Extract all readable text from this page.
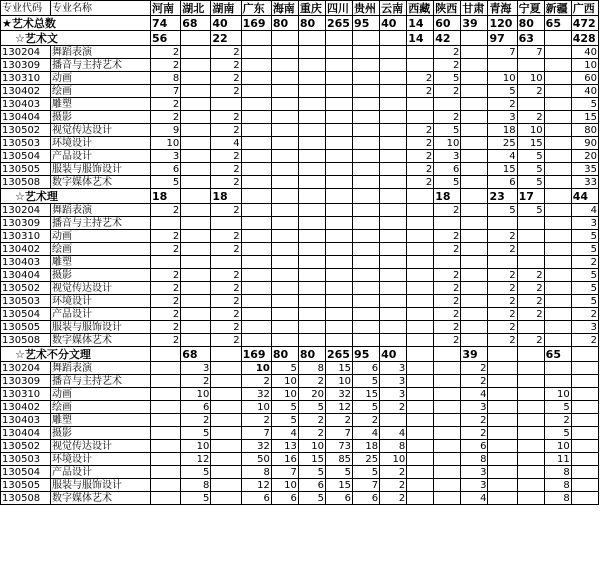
专业代码	专业名称	河南	湖北	湖南	广东	海南	重庆	四川	贵州	云南	西藏	陕西	甘肃	青海	宁夏	新疆	广西
★艺术总数		74	68	40	169	80	80	265	95	40	14	60	39	120	80	65	472
☆艺术文		56		22							14	42		97	63		428
130204	舞蹈表演	2		2								2		7	7		40
130309	播音与主持艺术	2		2								2					10
130310	动画	8		2							2	5		10	10		60
130402	绘画	7		2							2	2		5	2		40
130403	雕塑	2												2			5
130404	摄影	2		2								2		3	2		15
130502	视觉传达设计	9		2							2	5		18	10		80
130503	环境设计	10		4							2	10		25	15		90
130504	产品设计	3		2							2	3		4	5		20
130505	服装与服饰设计	6		2							2	6		15	5		35
130508	数字媒体艺术	5		2							2	5		6	5		33
☆艺术理		18		18								18		23	17		44
130204	舞蹈表演	2		2								2		5	5		4
130309	播音与主持艺术																3
130310	动画	2		2								2		2			5
130402	绘画	2		2								2		2			5
130403	雕塑																2
130404	摄影	2		2								2		2	2		5
130502	视觉传达设计	2		2								2		2	2		5
130503	环境设计	2		2								2		2	2		5
130504	产品设计	2		2								2		2	2		2
130505	服装与服饰设计	2		2								2		2			3
130508	数字媒体艺术	2		2								2		2	2		2
☆艺术不分文理			68		169	80	80	265	95	40			39			65	
130204	舞蹈表演		3		10	5	8	15	6	3			2				
130309	播音与主持艺术		2		2	10	2	10	5	3			2				
130310	动画		10		32	10	20	32	15	3			4			10	
130402	绘画		6		10	5	5	12	5	2			3			5	
130403	雕塑		2		2	5	2	2	2				2			2	
130404	摄影		5		7	4	2	7	4	4			2			5	
130502	视觉传达设计		10		32	13	10	73	18	8			6			10	
130503	环境设计		12		50	16	15	85	25	10			8			11	
130504	产品设计		5		8	7	5	5	5	2			3			8	
130505	服装与服饰设计		8		12	10	6	15	7	2			3			8	
130508	数字媒体艺术		5		6	6	5	6	6	2			4			8	
